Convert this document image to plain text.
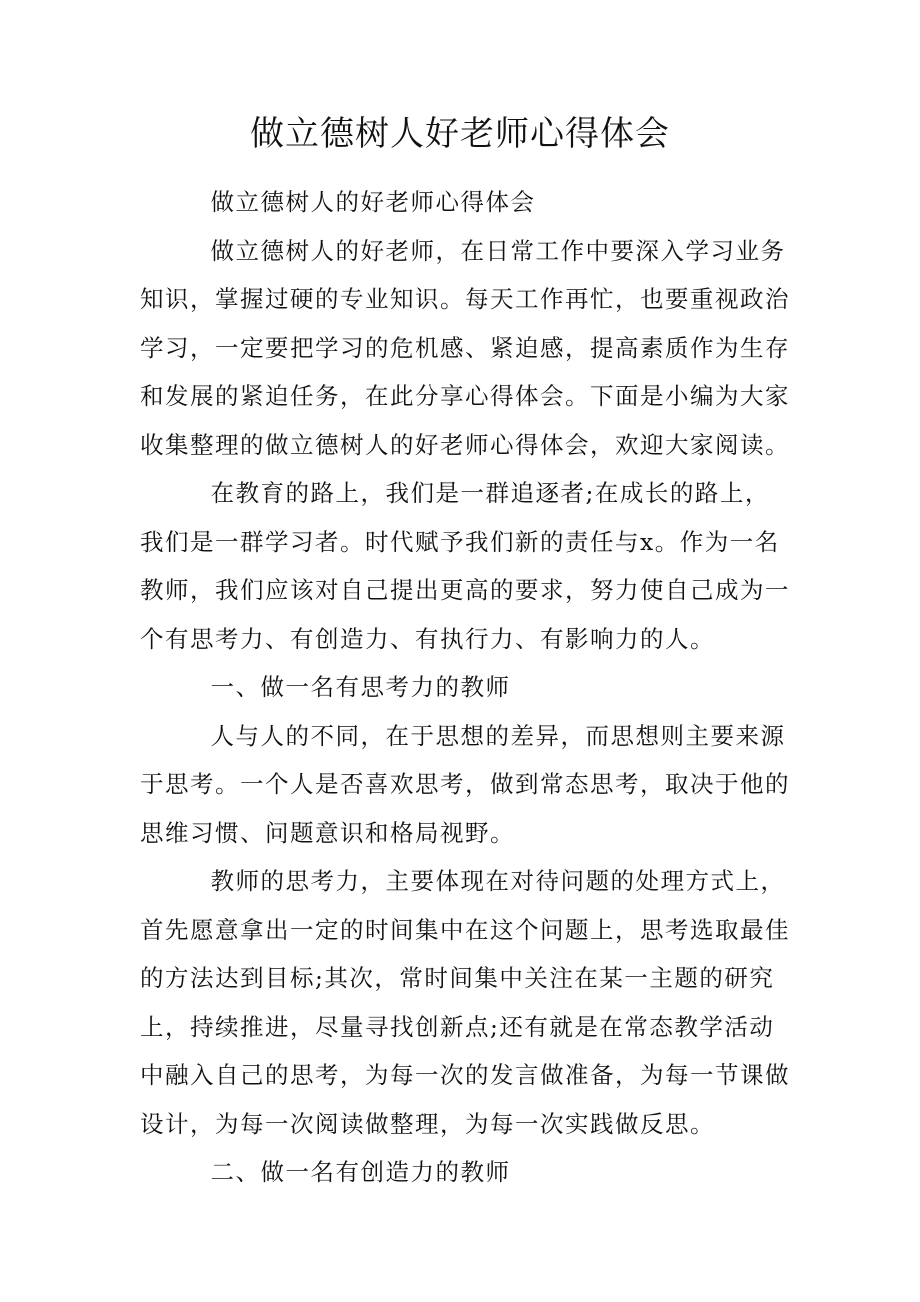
做立德树人好老师心得体会
做立德树人的好老师心得体会
做立德树人的好老师，在日常工作中要深入学习业务
知识，掌握过硬的专业知识。每天工作再忙，也要重视政治
学习，一定要把学习的危机感、紧迫感，提高素质作为生存
和发展的紧迫任务，在此分享心得体会。下面是小编为大家
收集整理的做立德树人的好老师心得体会，欢迎大家阅读。
在教育的路上，我们是一群追逐者;在成长的路上，
我们是一群学习者。时代赋予我们新的责任与x。作为一名
教师，我们应该对自己提出更高的要求，努力使自己成为一
个有思考力、有创造力、有执行力、有影响力的人。
一、做一名有思考力的教师
人与人的不同，在于思想的差异，而思想则主要来源
于思考。一个人是否喜欢思考，做到常态思考，取决于他的
思维习惯、问题意识和格局视野。
教师的思考力，主要体现在对待问题的处理方式上，
首先愿意拿出一定的时间集中在这个问题上，思考选取最佳
的方法达到目标;其次，常时间集中关注在某一主题的研究
上，持续推进，尽量寻找创新点;还有就是在常态教学活动
中融入自己的思考，为每一次的发言做准备，为每一节课做
设计，为每一次阅读做整理，为每一次实践做反思。
二、做一名有创造力的教师
